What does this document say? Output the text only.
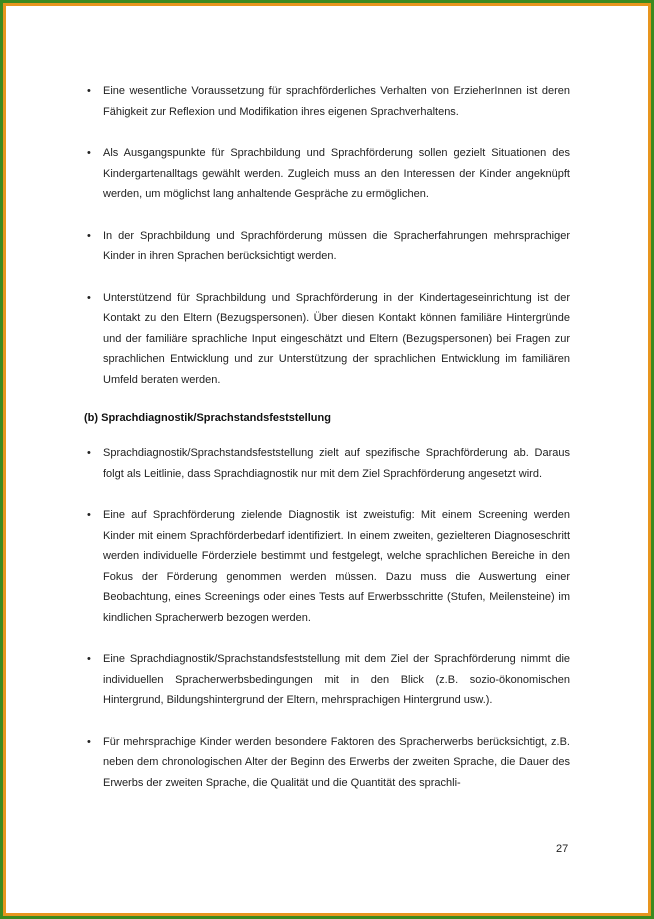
• Eine wesentliche Voraussetzung für sprachförderliches Verhalten von ErzieherInnen ist deren Fähigkeit zur Reflexion und Modifikation ihres eigenen Sprachverhaltens.

• Als Ausgangspunkte für Sprachbildung und Sprachförderung sollen gezielt Situationen des Kindergartenalltags gewählt werden. Zugleich muss an den Interessen der Kinder angeknüpft werden, um möglichst lang anhaltende Gespräche zu ermöglichen.

• In der Sprachbildung und Sprachförderung müssen die Spracherfahrungen mehrsprachiger Kinder in ihren Sprachen berücksichtigt werden.

• Unterstützend für Sprachbildung und Sprachförderung in der Kindertageseinrichtung ist der Kontakt zu den Eltern (Bezugspersonen). Über diesen Kontakt können familiäre Hintergründe und der familiäre sprachliche Input eingeschätzt und Eltern (Bezugspersonen) bei Fragen zur sprachlichen Entwicklung und zur Unterstützung der sprachlichen Entwicklung im familiären Umfeld beraten werden.

(b) Sprachdiagnostik/Sprachstandsfeststellung
• Sprachdiagnostik/Sprachstandsfeststellung zielt auf spezifische Sprachförderung ab. Daraus folgt als Leitlinie, dass Sprachdiagnostik nur mit dem Ziel Sprachförderung angesetzt wird.

• Eine auf Sprachförderung zielende Diagnostik ist zweistufig: Mit einem Screening werden Kinder mit einem Sprachförderbedarf identifiziert. In einem zweiten, gezielteren Diagnoseschritt werden individuelle Förderziele bestimmt und festgelegt, welche sprachlichen Bereiche in den Fokus der Förderung genommen werden müssen. Dazu muss die Auswertung einer Beobachtung, eines Screenings oder eines Tests auf Erwerbsschritte (Stufen, Meilensteine) im kindlichen Spracherwerb bezogen werden.

• Eine Sprachdiagnostik/Sprachstandsfeststellung mit dem Ziel der Sprachförderung nimmt die individuellen Spracherwerbsbedingungen mit in den Blick (z.B. sozio-ökonomischen Hintergrund, Bildungshintergrund der Eltern, mehrsprachigen Hintergrund usw.).

• Für mehrsprachige Kinder werden besondere Faktoren des Spracherwerbs berücksichtigt, z.B. neben dem chronologischen Alter der Beginn des Erwerbs der zweiten Sprache, die Dauer des Erwerbs der zweiten Sprache, die Qualität und die Quantität des sprachli-

27
